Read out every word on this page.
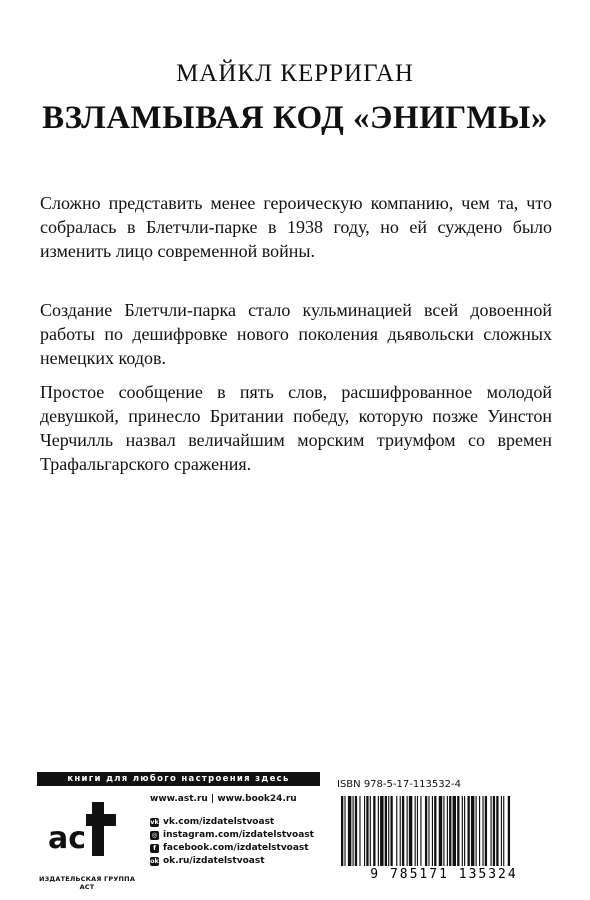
МАЙКЛ КЕРРИГАН
ВЗЛАМЫВАЯ КОД «ЭНИГМЫ»
Сложно представить менее героическую компанию, чем та, что собралась в Блетчли-парке в 1938 году, но ей суждено было изменить лицо современной войны.
Создание Блетчли-парка стало кульминацией всей довоенной работы по дешифровке нового поколения дьявольски сложных немецких кодов.
Простое сообщение в пять слов, расшифрованное молодой девушкой, принесло Британии победу, которую позже Уинстон Черчилль назвал величайшим морским триумфом со времен Трафальгарского сражения.
книги для любого настроения здесь
ас
ИЗДАТЕЛЬСКАЯ ГРУППА АСТ
www.ast.ru | www.book24.ru
vk vk.com/izdatelstvoast
◎ instagram.com/izdatelstvoast
f facebook.com/izdatelstvoast
ok ok.ru/izdatelstvoast
ISBN 978-5-17-113532-4
9 785171 135324
